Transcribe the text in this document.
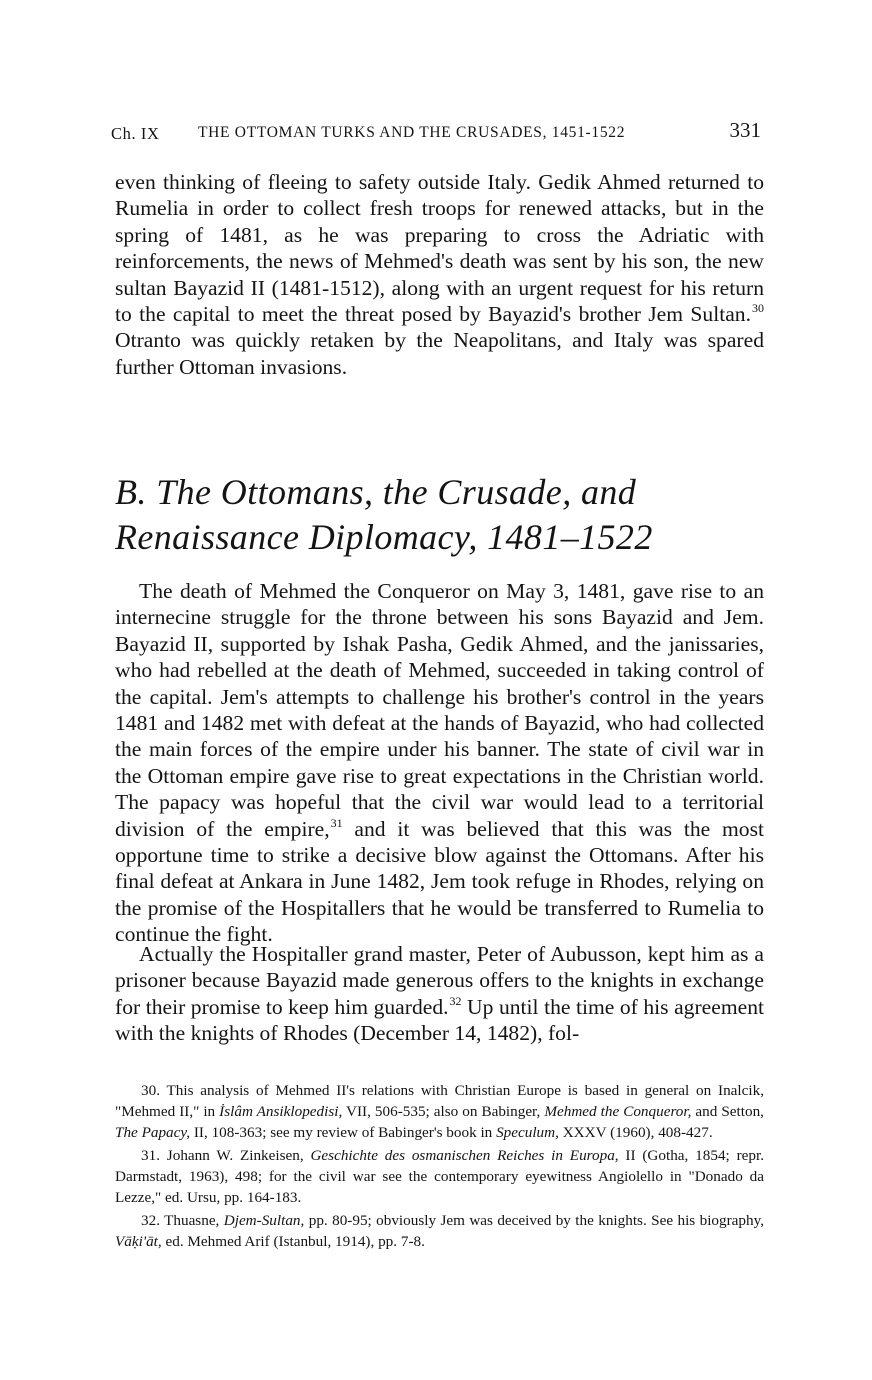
Ch. IX THE OTTOMAN TURKS AND THE CRUSADES, 1451-1522	331

even thinking of fleeing to safety outside Italy. Gedik Ahmed returned to Rumelia in order to collect fresh troops for renewed attacks, but in the spring of 1481, as he was preparing to cross the Adriatic with reinforcements, the news of Mehmed's death was sent by his son, the new sultan Bayazid II (1481-1512), along with an urgent request for his return to the capital to meet the threat posed by Bayazid's brother Jem Sultan.$^{30}$ Otranto was quickly retaken by the Neapolitans, and Italy was spared further Ottoman invasions.

B. The Ottomans, the Crusade, and
Renaissance Diplomacy, 1481–1522

The death of Mehmed the Conqueror on May 3, 1481, gave rise to an internecine struggle for the throne between his sons Bayazid and Jem. Bayazid II, supported by Ishak Pasha, Gedik Ahmed, and the janissaries, who had rebelled at the death of Mehmed, succeeded in taking control of the capital. Jem's attempts to challenge his brother's control in the years 1481 and 1482 met with defeat at the hands of Bayazid, who had collected the main forces of the empire under his banner. The state of civil war in the Ottoman empire gave rise to great expectations in the Christian world. The papacy was hopeful that the civil war would lead to a territorial division of the empire,$^{31}$ and it was believed that this was the most opportune time to strike a decisive blow against the Ottomans. After his final defeat at Ankara in June 1482, Jem took refuge in Rhodes, relying on the promise of the Hospitallers that he would be transferred to Rumelia to continue the fight.

Actually the Hospitaller grand master, Peter of Aubusson, kept him as a prisoner because Bayazid made generous offers to the knights in exchange for their promise to keep him guarded.$^{32}$ Up until the time of his agreement with the knights of Rhodes (December 14, 1482), fol-

30. This analysis of Mehmed II's relations with Christian Europe is based in general on Inalcik, "Mehmed II," in İslâm Ansiklopedisi, VII, 506-535; also on Babinger, Mehmed the Conqueror, and Setton, The Papacy, II, 108-363; see my review of Babinger's book in Speculum, XXXV (1960), 408-427.

31. Johann W. Zinkeisen, Geschichte des osmanischen Reiches in Europa, II (Gotha, 1854; repr. Darmstadt, 1963), 498; for the civil war see the contemporary eyewitness Angiolello in "Donado da Lezze," ed. Ursu, pp. 164-183.

32. Thuasne, Djem-Sultan, pp. 80-95; obviously Jem was deceived by the knights. See his biography, Vāḳi'āt, ed. Mehmed Arif (Istanbul, 1914), pp. 7-8.
